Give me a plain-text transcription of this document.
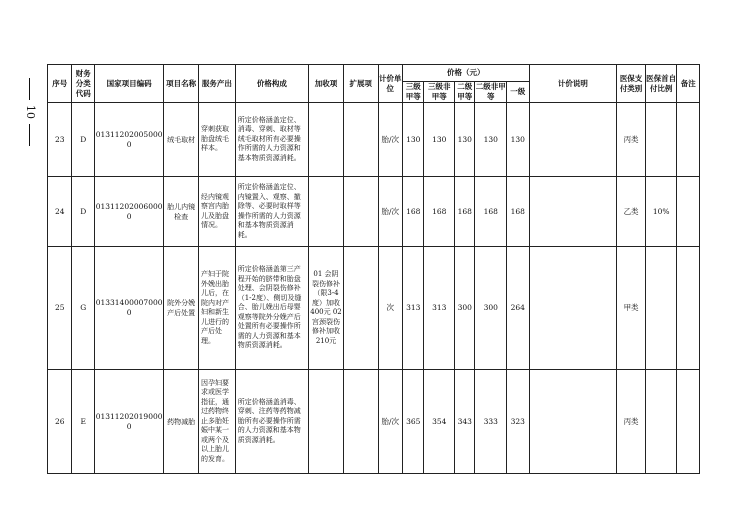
10
序号	财务分类代码	国家项目编码	项目名称	服务产出	价格构成	加收项	扩展项	计价单位	价格（元）					计价说明	医保支付类别	医保首自付比例	备注
									三级甲等	三级非甲等	二级甲等	二级非甲等	一级				
23	D	013112020050000	绒毛取材	穿刺获取胎盘绒毛样本。	所定价格涵盖定位、消毒、穿刺、取材等绒毛取材所有必要操作所需的人力资源和基本物质资源消耗。			胎/次	130	130	130	130	130		丙类		
24	D	013112020060000	胎儿内镜检查	经内镜观察宫内胎儿及胎盘情况。	所定价格涵盖定位、内镜置入、观察、撤除等、必要时取样等操作所需的人力资源和基本物质资源消耗。			胎/次	168	168	168	168	168		乙类	10%	
25	G	013314000070000	院外分娩产后处置	产妇于院外娩出胎儿后，在院内对产妇和新生儿进行的产后处理。	所定价格涵盖第三产程开始的脐带和胎盘处理、会阴裂伤修补（1-2度）、侧切及缝合、胎儿娩出后母婴观察等院外分娩产后处置所有必要操作所需的人力资源和基本物质资源消耗。	01 会阴裂伤修补（限3-4度）加收400元 02 宫颈裂伤修补加收210元		次	313	313	300	300	264		甲类		
26	E	013112020190000	药物减胎	因孕妇要求或医学指征，通过药物终止多胎妊娠中某一或两个及以上胎儿的发育。	所定价格涵盖消毒、穿刺、注药等药物减胎所有必要操作所需的人力资源和基本物质资源消耗。			胎/次	365	354	343	333	323		丙类		
